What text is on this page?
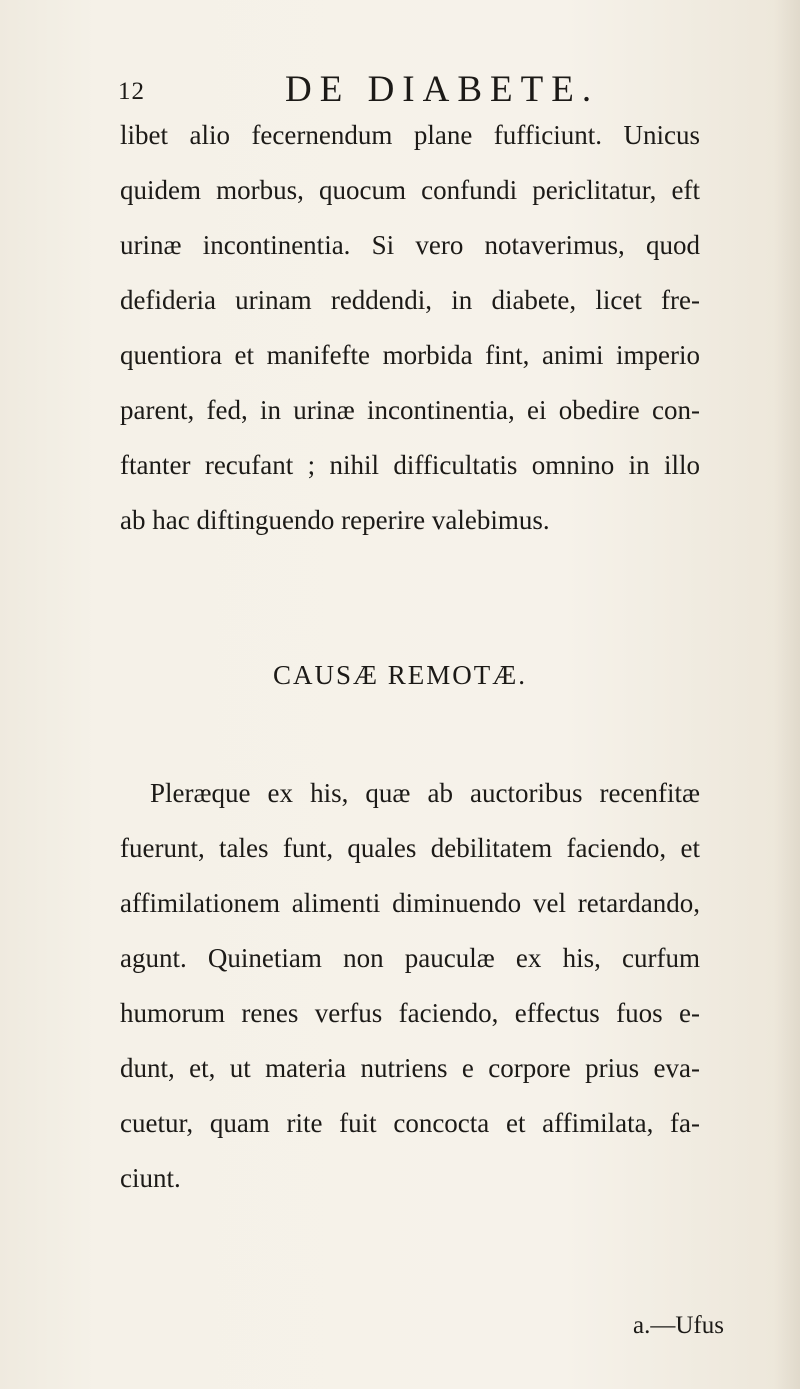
12	DE DIABETE.
libet alio fecernendum plane fufficiunt. Unicus
quidem morbus, quocum confundi periclitatur, eft
urinæ incontinentia. Si vero notaverimus, quod
defideria urinam reddendi, in diabete, licet fre-
quentiora et manifefte morbida fint, animi imperio
parent, fed, in urinæ incontinentia, ei obedire con-
ftanter recufant ; nihil difficultatis omnino in illo
ab hac diftinguendo reperire valebimus.
CAUSÆ REMOTÆ.
Pleræque ex his, quæ ab auctoribus recenfitæ
fuerunt, tales funt, quales debilitatem faciendo, et
affimilationem alimenti diminuendo vel retardando,
agunt. Quinetiam non pauculæ ex his, curfum
humorum renes verfus faciendo, effectus fuos e-
dunt, et, ut materia nutriens e corpore prius eva-
cuetur, quam rite fuit concocta et affimilata, fa-
ciunt.
a.—Ufus
